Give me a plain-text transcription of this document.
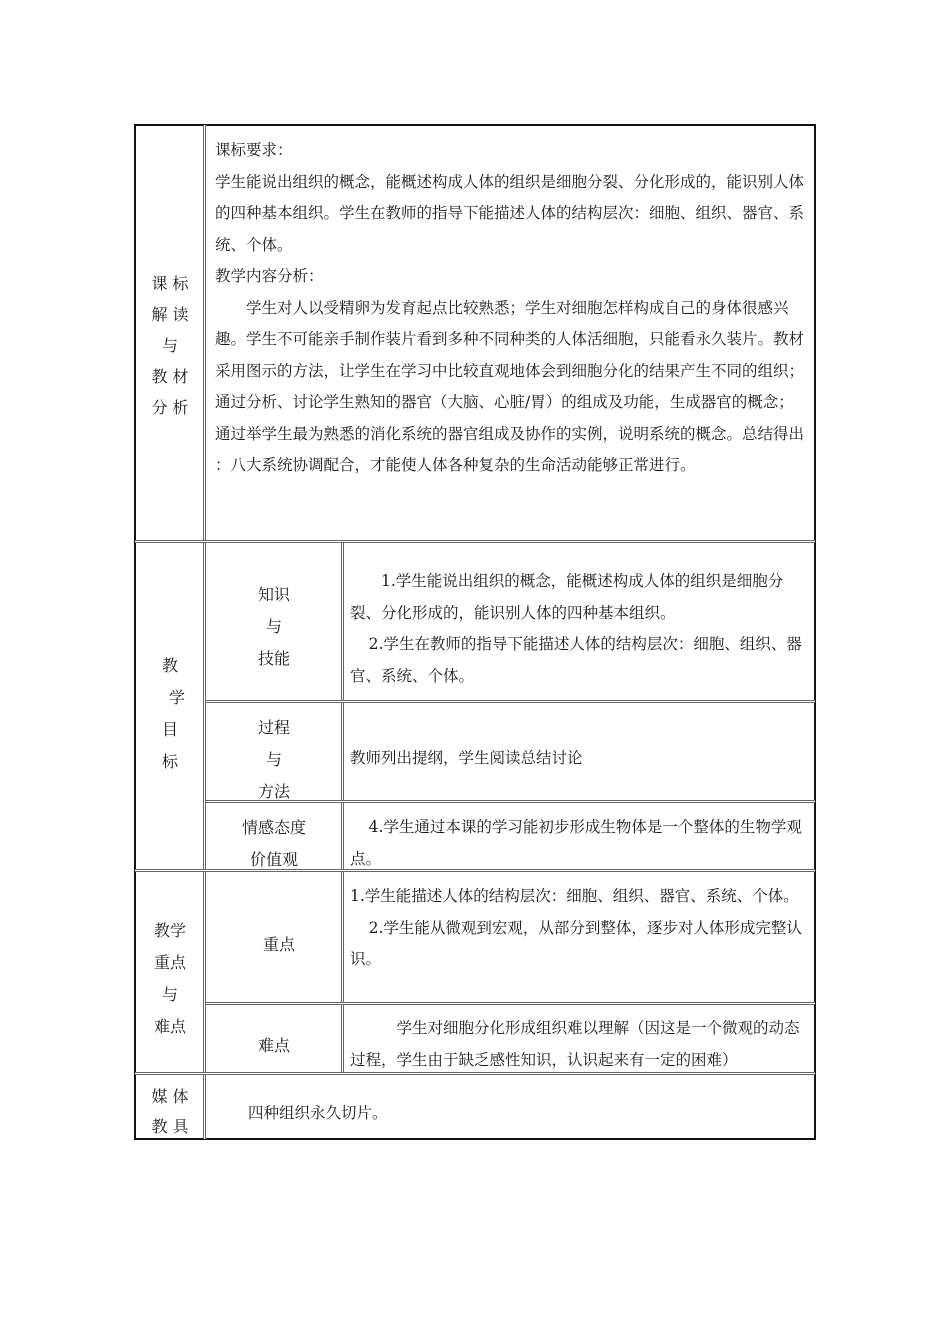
课 标
解 读
与
教 材
分 析

课标要求：

学生能说出组织的概念，能概述构成人体的组织是细胞分裂、分化形成的，能识别人体的四种基本组织。学生在教师的指导下能描述人体的结构层次：细胞、组织、器官、系统、个体。

教学内容分析：

学生对人以受精卵为发育起点比较熟悉；学生对细胞怎样构成自己的身体很感兴趣。学生不可能亲手制作装片看到多种不同种类的人体活细胞，只能看永久装片。教材采用图示的方法，让学生在学习中比较直观地体会到细胞分化的结果产生不同的组织；通过分析、讨论学生熟知的器官（大脑、心脏/胃）的组成及功能，生成器官的概念；通过举学生最为熟悉的消化系统的器官组成及协作的实例，说明系统的概念。总结得出 ：八大系统协调配合，才能使人体各种复杂的生命活动能够正常进行。

教
学
目
标
知识
与
技能

1.学生能说出组织的概念，能概述构成人体的组织是细胞分裂、分化形成的，能识别人体的四种基本组织。

2.学生在教师的指导下能描述人体的结构层次：细胞、组织、器官、系统、个体。

过程
与
方法

教师列出提纲，学生阅读总结讨论

情感态度
价值观

4.学生通过本课的学习能初步形成生物体是一个整体的生物学观点。

教学
重点
与
难点
重点

1.学生能描述人体的结构层次：细胞、组织、器官、系统、个体。

2.学生能从微观到宏观，从部分到整体，逐步对人体形成完整认识。

难点

学生对细胞分化形成组织难以理解（因这是一个微观的动态过程，学生由于缺乏感性知识，认识起来有一定的困难）

媒 体
教 具

四种组织永久切片。
